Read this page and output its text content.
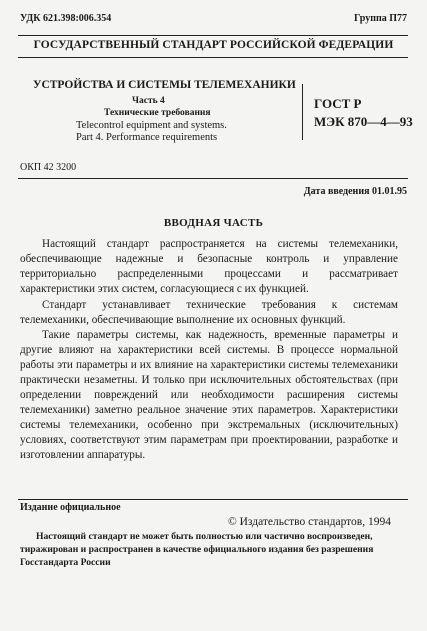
УДК 621.398:006.354	Группа П77
ГОСУДАРСТВЕННЫЙ СТАНДАРТ РОССИЙСКОЙ ФЕДЕРАЦИИ
УСТРОЙСТВА И СИСТЕМЫ ТЕЛЕМЕХАНИКИ
Часть 4
Технические требования
Telecontrol equipment and systems.
Part 4. Performance requirements
ГОСТ Р
МЭК 870—4—93
ОКП 42 3200
Дата введения 01.01.95
ВВОДНАЯ ЧАСТЬ

Настоящий стандарт распространяется на системы телемеханики, обеспечивающие надежные и безопасные контроль и управление территориально распределенными процессами и рассматривает характеристики этих систем, согласующиеся с их функцией.

Стандарт устанавливает технические требования к системам телемеханики, обеспечивающие выполнение их основных функций.

Такие параметры системы, как надежность, временные параметры и другие влияют на характеристики всей системы. В процессе нормальной работы эти параметры и их влияние на характеристики системы телемеханики практически незаметны. И только при исключительных обстоятельствах (при определении повреждений или необходимости расширения системы телемеханики) заметно реальное значение этих параметров. Характеристики системы телемеханики, особенно при экстремальных (исключительных) условиях, соответствуют этим параметрам при проектировании, разработке и изготовлении аппаратуры.

Издание официальное
© Издательство стандартов, 1994

Настоящий стандарт не может быть полностью или частично воспроизведен, тиражирован и распространен в качестве официального издания без разрешения Госстандарта России
